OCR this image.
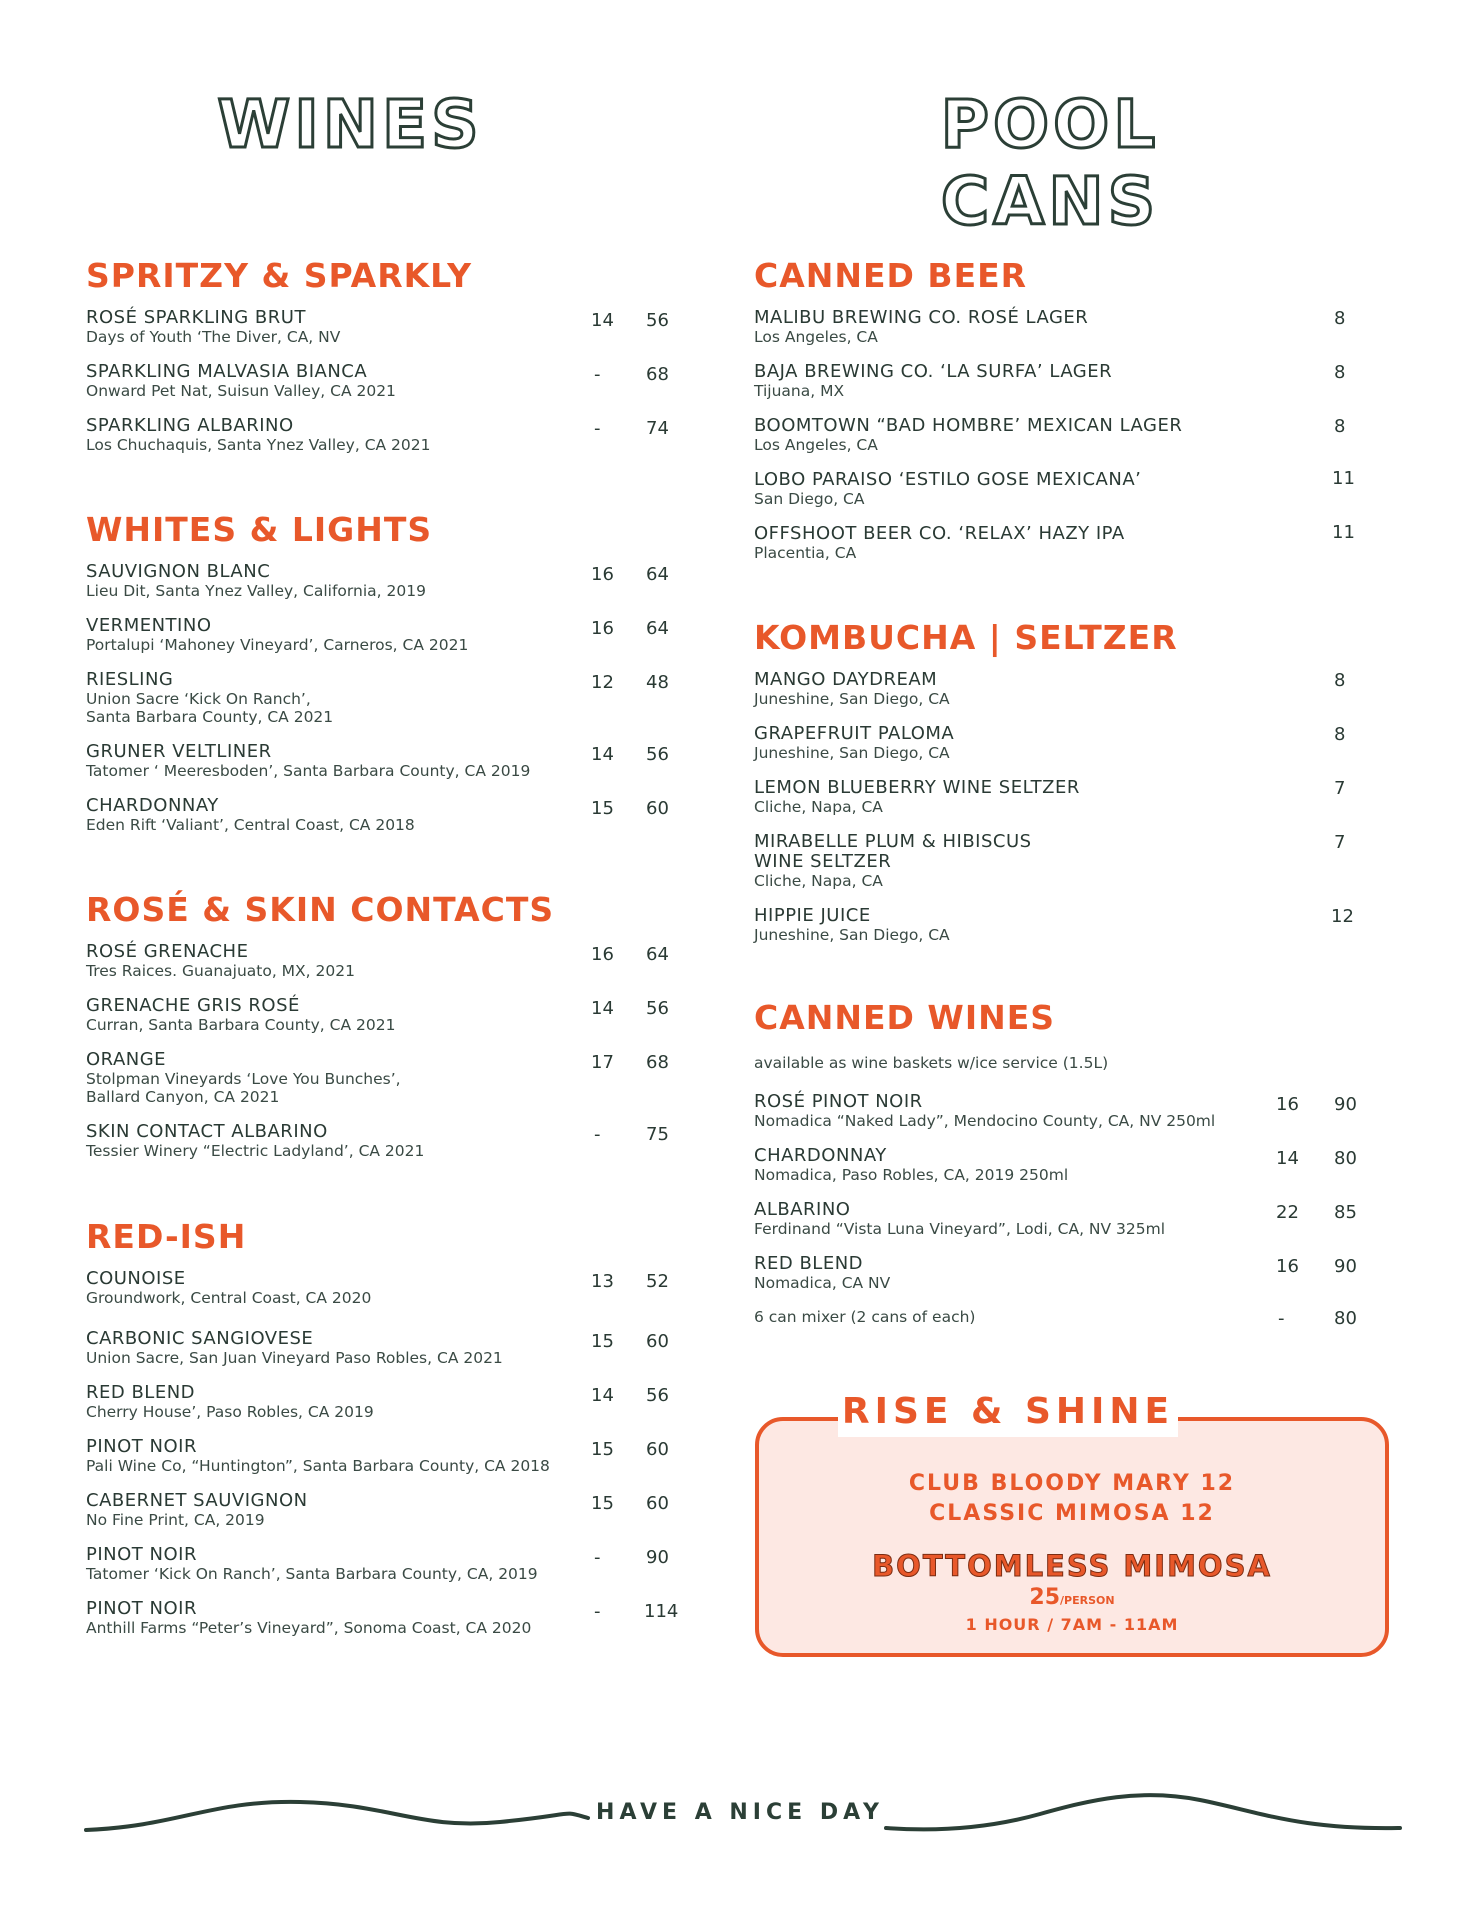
WINES	POOL CANS
SPRITZY & SPARKLY
ROSÉ SPARKLING BRUT
Days of Youth ‘The Diver, CA, NV
14 56
SPARKLING MALVASIA BIANCA
Onward Pet Nat, Suisun Valley, CA 2021
-	68
SPARKLING ALBARINO
Los Chuchaquis, Santa Ynez Valley, CA 2021
-	74
WHITES & LIGHTS
SAUVIGNON BLANC
Lieu Dit, Santa Ynez Valley, California, 2019
16 64
VERMENTINO
Portalupi ‘Mahoney Vineyard’, Carneros, CA 2021
16 64
RIESLING
Union Sacre ‘Kick On Ranch’,
Santa Barbara County, CA 2021
12 48
GRUNER VELTLINER
Tatomer ‘ Meeresboden’, Santa Barbara County, CA 2019
14 56
CHARDONNAY
Eden Rift ‘Valiant’, Central Coast, CA 2018
15 60
ROSÉ & SKIN CONTACTS
ROSÉ GRENACHE
Tres Raices. Guanajuato, MX, 2021
16 64
GRENACHE GRIS ROSÉ
Curran, Santa Barbara County, CA 2021
14 56
ORANGE
Stolpman Vineyards ‘Love You Bunches’,
Ballard Canyon, CA 2021
17 68
SKIN CONTACT ALBARINO
Tessier Winery “Electric Ladyland’, CA 2021
-	75
RED-ISH
COUNOISE
Groundwork, Central Coast, CA 2020
13 52
CARBONIC SANGIOVESE
Union Sacre, San Juan Vineyard Paso Robles, CA 2021
15 60
RED BLEND
Cherry House’, Paso Robles, CA 2019
14 56
PINOT NOIR
Pali Wine Co, “Huntington”, Santa Barbara County, CA 2018
15 60
CABERNET SAUVIGNON
No Fine Print, CA, 2019
15 60
PINOT NOIR
Tatomer ‘Kick On Ranch’, Santa Barbara County, CA, 2019
-	90
PINOT NOIR
Anthill Farms “Peter’s Vineyard”, Sonoma Coast, CA 2020
- 114
CANNED BEER
MALIBU BREWING CO. ROSÉ LAGER
Los Angeles, CA
8
BAJA BREWING CO. ‘LA SURFA’ LAGER
Tijuana, MX
8
BOOMTOWN “BAD HOMBRE’ MEXICAN LAGER
Los Angeles, CA
8
LOBO PARAISO ‘ESTILO GOSE MEXICANA’
San Diego, CA
11
OFFSHOOT BEER CO. ‘RELAX’ HAZY IPA
Placentia, CA
11
KOMBUCHA | SELTZER
MANGO DAYDREAM
Juneshine, San Diego, CA
8
GRAPEFRUIT PALOMA
Juneshine, San Diego, CA
8
LEMON BLUEBERRY WINE SELTZER
Cliche, Napa, CA
7
MIRABELLE PLUM & HIBISCUS
WINE SELTZER
Cliche, Napa, CA
7
HIPPIE JUICE
Juneshine, San Diego, CA
12
CANNED WINES
available as wine baskets w/ice service (1.5L)
ROSÉ PINOT NOIR
Nomadica “Naked Lady”, Mendocino County, CA, NV 250ml
16 90
CHARDONNAY
Nomadica, Paso Robles, CA, 2019 250ml
14 80
ALBARINO
Ferdinand “Vista Luna Vineyard”, Lodi, CA, NV 325ml
22 85
RED BLEND
Nomadica, CA NV
16 90
6 can mixer (2 cans of each)	-	80
CLUB BLOODY MARY 12
CLASSIC MIMOSA 12
BOTTOMLESS MIMOSA
25/PERSON
1 HOUR / 7AM - 11AM
RISE & SHINE
HAVE A NICE DAY
